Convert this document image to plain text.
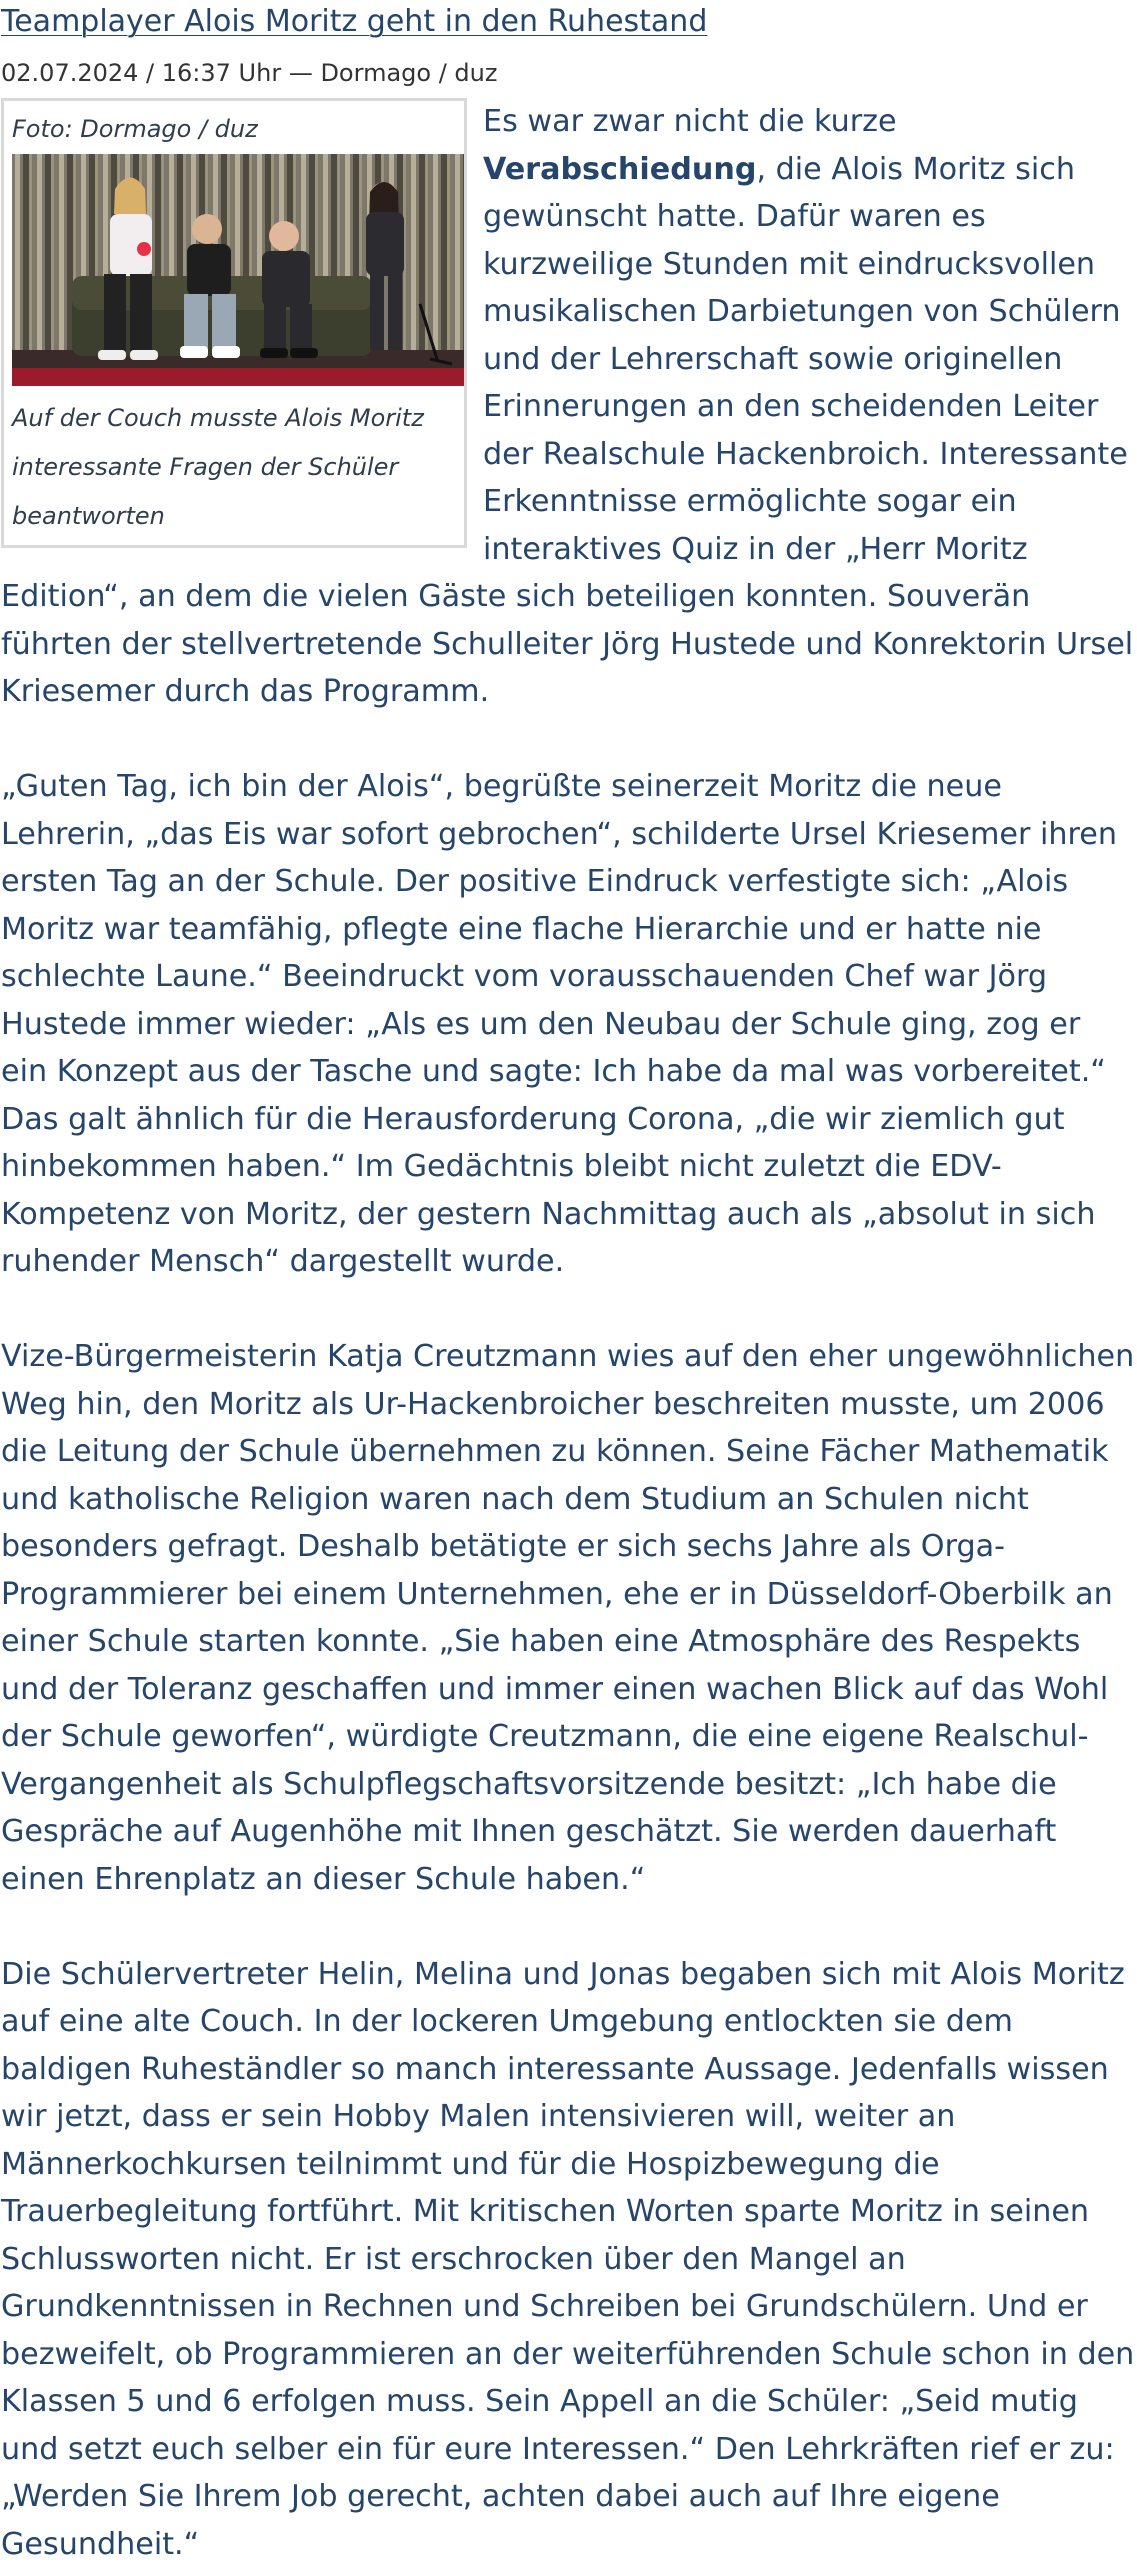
Teamplayer Alois Moritz geht in den Ruhestand
02.07.2024 / 16:37 Uhr — Dormago / duz
Foto: Dormago / duz
Auf der Couch musste Alois Moritz interessante Fragen der Schüler beantworten

Es war zwar nicht die kurze Verabschiedung, die Alois Moritz sich gewünscht hatte. Dafür waren es kurzweilige Stunden mit eindrucksvollen musikalischen Darbietungen von Schülern und der Lehrerschaft sowie originellen Erinnerungen an den scheidenden Leiter der Realschule Hackenbroich. Interessante Erkenntnisse ermöglichte sogar ein interaktives Quiz in der „Herr Moritz Edition“, an dem die vielen Gäste sich beteiligen konnten. Souverän führten der stellvertretende Schulleiter Jörg Hustede und Konrektorin Ursel Kriesemer durch das Programm.

„Guten Tag, ich bin der Alois“, begrüßte seinerzeit Moritz die neue Lehrerin, „das Eis war sofort gebrochen“, schilderte Ursel Kriesemer ihren ersten Tag an der Schule. Der positive Eindruck verfestigte sich: „Alois Moritz war teamfähig, pflegte eine flache Hierarchie und er hatte nie schlechte Laune.“ Beeindruckt vom vorausschauenden Chef war Jörg Hustede immer wieder: „Als es um den Neubau der Schule ging, zog er ein Konzept aus der Tasche und sagte: Ich habe da mal was vorbereitet.“ Das galt ähnlich für die Herausforderung Corona, „die wir ziemlich gut hinbekommen haben.“ Im Gedächtnis bleibt nicht zuletzt die EDV-Kompetenz von Moritz, der gestern Nachmittag auch als „absolut in sich ruhender Mensch“ dargestellt wurde.

Vize-Bürgermeisterin Katja Creutzmann wies auf den eher ungewöhnlichen Weg hin, den Moritz als Ur-Hackenbroicher beschreiten musste, um 2006 die Leitung der Schule übernehmen zu können. Seine Fächer Mathematik und katholische Religion waren nach dem Studium an Schulen nicht besonders gefragt. Deshalb betätigte er sich sechs Jahre als Orga-Programmierer bei einem Unternehmen, ehe er in Düsseldorf-Oberbilk an einer Schule starten konnte. „Sie haben eine Atmosphäre des Respekts und der Toleranz geschaffen und immer einen wachen Blick auf das Wohl der Schule geworfen“, würdigte Creutzmann, die eine eigene Realschul-Vergangenheit als Schulpflegschaftsvorsitzende besitzt: „Ich habe die Gespräche auf Augenhöhe mit Ihnen geschätzt. Sie werden dauerhaft einen Ehrenplatz an dieser Schule haben.“

Die Schülervertreter Helin, Melina und Jonas begaben sich mit Alois Moritz auf eine alte Couch. In der lockeren Umgebung entlockten sie dem baldigen Ruheständler so manch interessante Aussage. Jedenfalls wissen wir jetzt, dass er sein Hobby Malen intensivieren will, weiter an Männerkochkursen teilnimmt und für die Hospizbewegung die Trauerbegleitung fortführt. Mit kritischen Worten sparte Moritz in seinen Schlussworten nicht. Er ist erschrocken über den Mangel an Grundkenntnissen in Rechnen und Schreiben bei Grundschülern. Und er bezweifelt, ob Programmieren an der weiterführenden Schule schon in den Klassen 5 und 6 erfolgen muss. Sein Appell an die Schüler: „Seid mutig und setzt euch selber ein für eure Interessen.“ Den Lehrkräften rief er zu: „Werden Sie Ihrem Job gerecht, achten dabei auch auf Ihre eigene Gesundheit.“
